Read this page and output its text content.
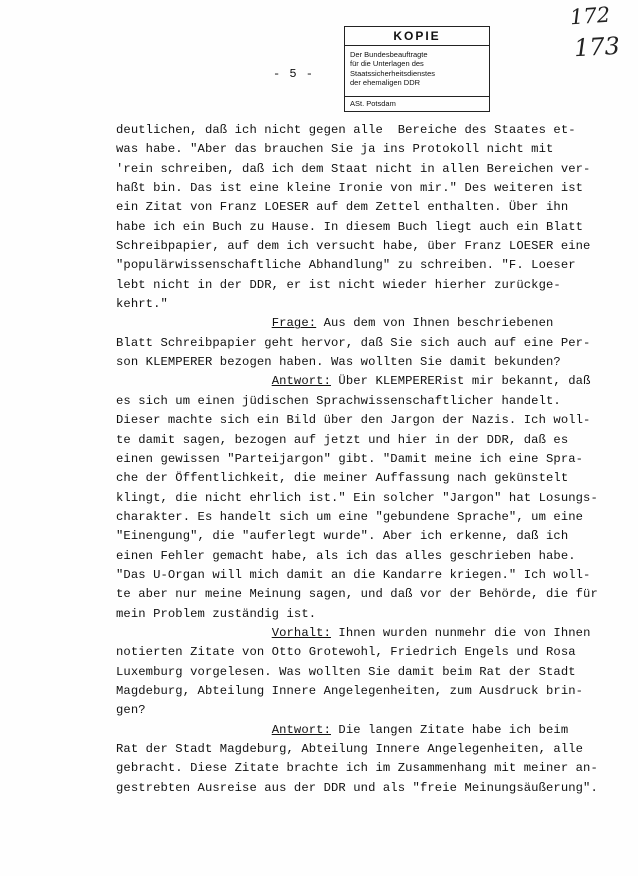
172
173
KOPIE
Der Bundesbeauftragte
für die Unterlagen des
Staatssicherheitsdienstes
der ehemaligen DDR
ASt. Potsdam
- 5 -
deutlichen, daß ich nicht gegen alle  Bereiche des Staates et-
was habe. "Aber das brauchen Sie ja ins Protokoll nicht mit
'rein schreiben, daß ich dem Staat nicht in allen Bereichen ver-
haßt bin. Das ist eine kleine Ironie von mir." Des weiteren ist
ein Zitat von Franz LOESER auf dem Zettel enthalten. Über ihn
habe ich ein Buch zu Hause. In diesem Buch liegt auch ein Blatt
Schreibpapier, auf dem ich versucht habe, über Franz LOESER eine
"populärwissenschaftliche Abhandlung" zu schreiben. "F. Loeser
lebt nicht in der DDR, er ist nicht wieder hierher zurückge-
kehrt."
Frage: Aus dem von Ihnen beschriebenen
Blatt Schreibpapier geht hervor, daß Sie sich auch auf eine Per-
son KLEMPERER bezogen haben. Was wollten Sie damit bekunden?
Antwort: Über KLEMPERERist mir bekannt, daß
es sich um einen jüdischen Sprachwissenschaftlicher handelt.
Dieser machte sich ein Bild über den Jargon der Nazis. Ich woll-
te damit sagen, bezogen auf jetzt und hier in der DDR, daß es
einen gewissen "Parteijargon" gibt. "Damit meine ich eine Spra-
che der Öffentlichkeit, die meiner Auffassung nach gekünstelt
klingt, die nicht ehrlich ist." Ein solcher "Jargon" hat Losungs-
charakter. Es handelt sich um eine "gebundene Sprache", um eine
"Einengung", die "auferlegt wurde". Aber ich erkenne, daß ich
einen Fehler gemacht habe, als ich das alles geschrieben habe.
"Das U-Organ will mich damit an die Kandarre kriegen." Ich woll-
te aber nur meine Meinung sagen, und daß vor der Behörde, die für
mein Problem zuständig ist.
Vorhalt: Ihnen wurden nunmehr die von Ihnen
notierten Zitate von Otto Grotewohl, Friedrich Engels und Rosa
Luxemburg vorgelesen. Was wollten Sie damit beim Rat der Stadt
Magdeburg, Abteilung Innere Angelegenheiten, zum Ausdruck brin-
gen?
Antwort: Die langen Zitate habe ich beim
Rat der Stadt Magdeburg, Abteilung Innere Angelegenheiten, alle
gebracht. Diese Zitate brachte ich im Zusammenhang mit meiner an-
gestrebten Ausreise aus der DDR und als "freie Meinungsäußerung".
